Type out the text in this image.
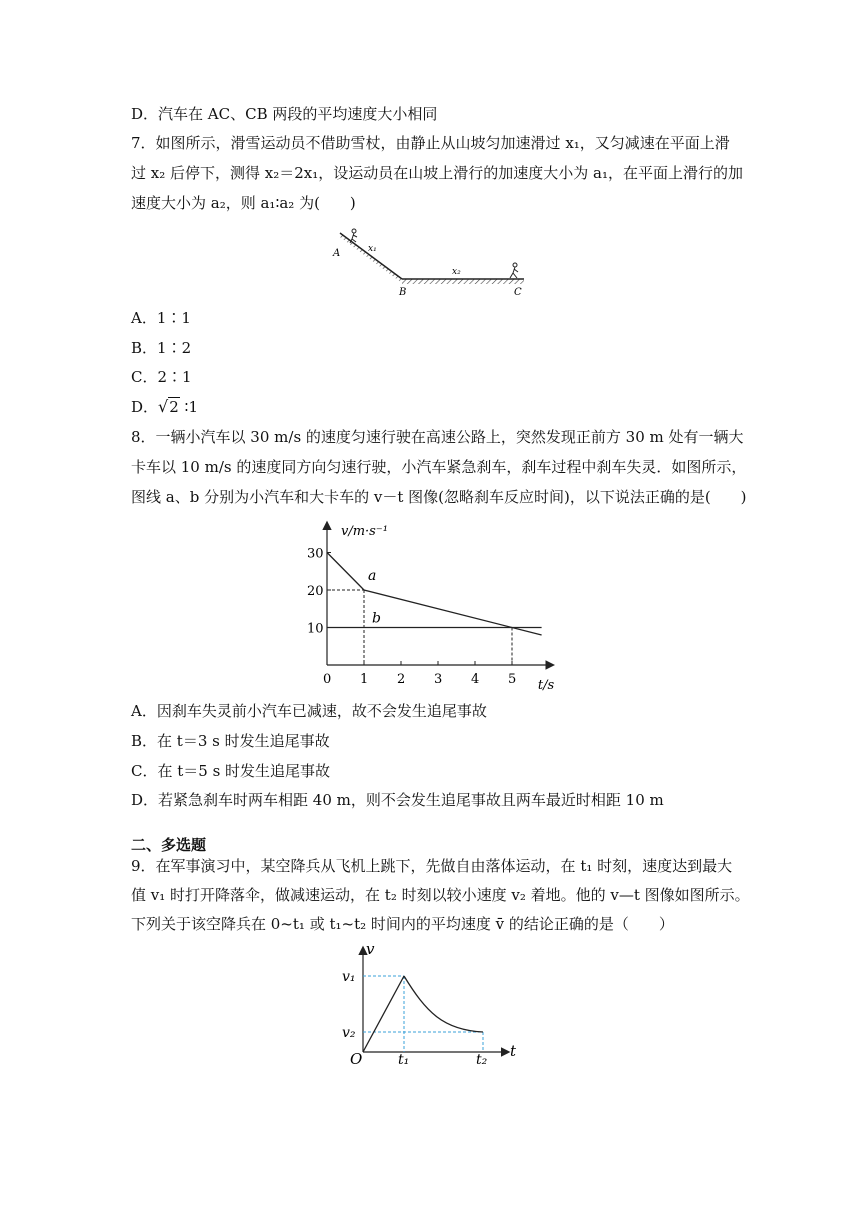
D．汽车在 AC、CB 两段的平均速度大小相同
7．如图所示，滑雪运动员不借助雪杖，由静止从山坡匀加速滑过 x₁，又匀减速在平面上滑
过 x₂ 后停下，测得 x₂＝2x₁，设运动员在山坡上滑行的加速度大小为 a₁，在平面上滑行的加
速度大小为 a₂，则 a₁∶a₂ 为(　　)
A	x₁
x₂
B	C
A．1∶1
B．1∶2
C．2∶1
D．√2 ∶1
8．一辆小汽车以 30 m/s 的速度匀速行驶在高速公路上，突然发现正前方 30 m 处有一辆大
卡车以 10 m/s 的速度同方向匀速行驶，小汽车紧急刹车，刹车过程中刹车失灵．如图所示，
图线 a、b 分别为小汽车和大卡车的 v－t 图像(忽略刹车反应时间)，以下说法正确的是(　　)
v/m·s⁻¹
t/s
0 1 2 3 4 5
10
20
30
a
b
A．因刹车失灵前小汽车已减速，故不会发生追尾事故
B．在 t＝3 s 时发生追尾事故
C．在 t＝5 s 时发生追尾事故
D．若紧急刹车时两车相距 40 m，则不会发生追尾事故且两车最近时相距 10 m
二、多选题
9．在军事演习中，某空降兵从飞机上跳下，先做自由落体运动，在 t₁ 时刻，速度达到最大
值 v₁ 时打开降落伞，做减速运动，在 t₂ 时刻以较小速度 v₂ 着地。他的 v—t 图像如图所示。
下列关于该空降兵在 0~t₁ 或 t₁~t₂ 时间内的平均速度 v̄ 的结论正确的是（　　）
v
v₁
v₂
O	t₁	t₂ t
